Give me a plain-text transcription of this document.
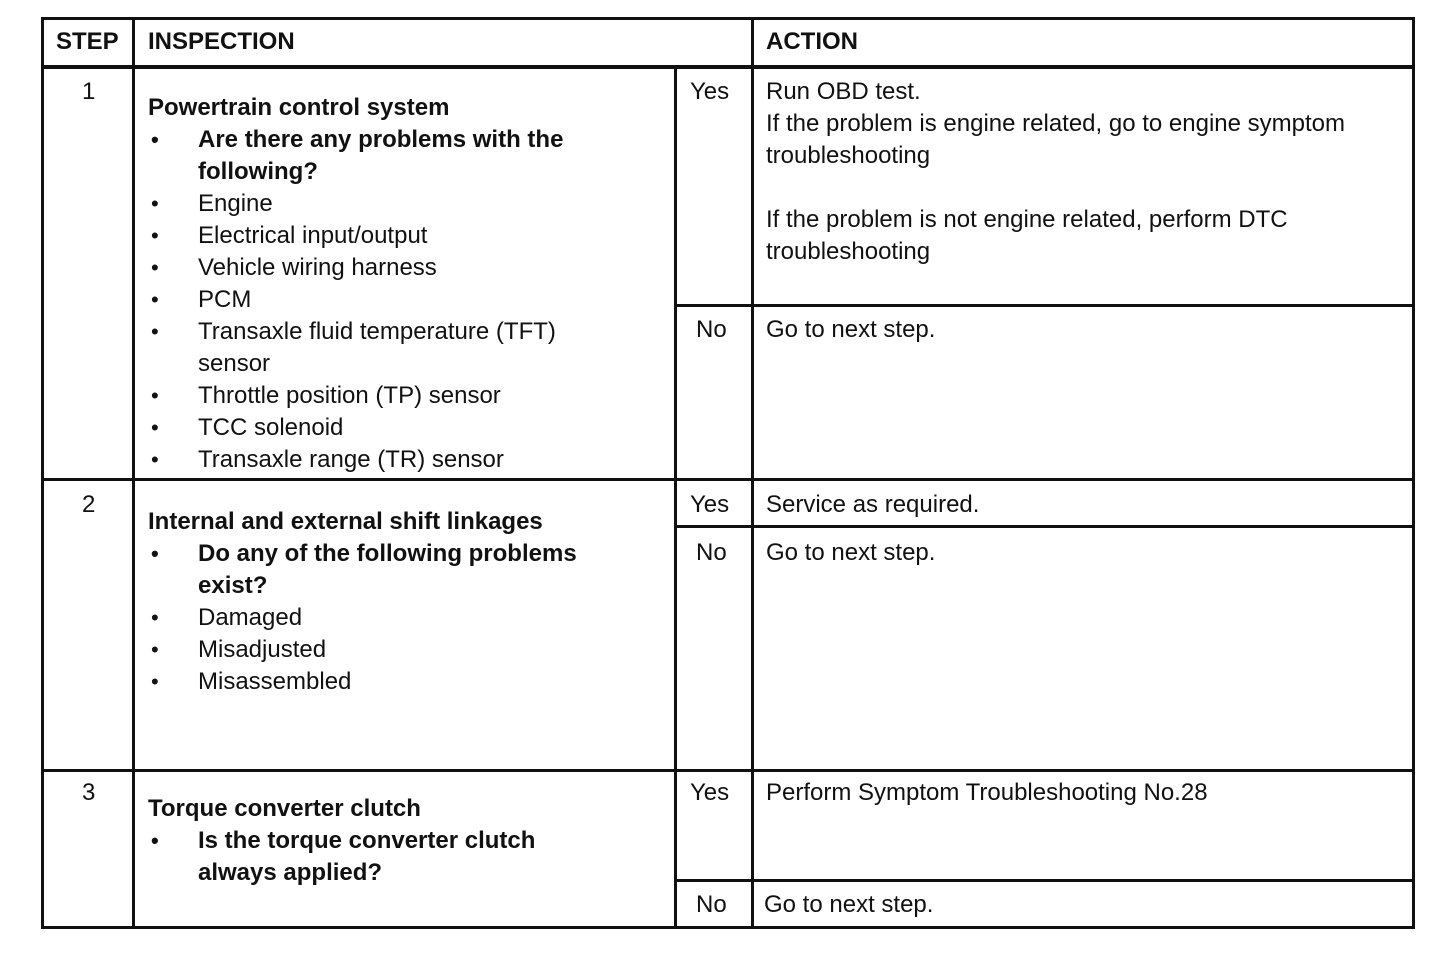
STEP INSPECTION	ACTION
1
Powertrain control system
• Are there any problems with the following?
• Engine
• Electrical input/output
• Vehicle wiring harness
• PCM
• Transaxle fluid temperature (TFT) sensor
• Throttle position (TP) sensor
• TCC solenoid
• Transaxle range (TR) sensor
Yes Run OBD test.

If the problem is engine related, go to engine symptom troubleshooting

If the problem is not engine related, perform DTC troubleshooting

No Go to next step.
2
Internal and external shift linkages
• Do any of the following problems exist?
• Damaged
• Misadjusted
• Misassembled
Yes Service as required.
No Go to next step.
3
Torque converter clutch
• Is the torque converter clutch always applied?
Yes Perform Symptom Troubleshooting No.28
No Go to next step.
